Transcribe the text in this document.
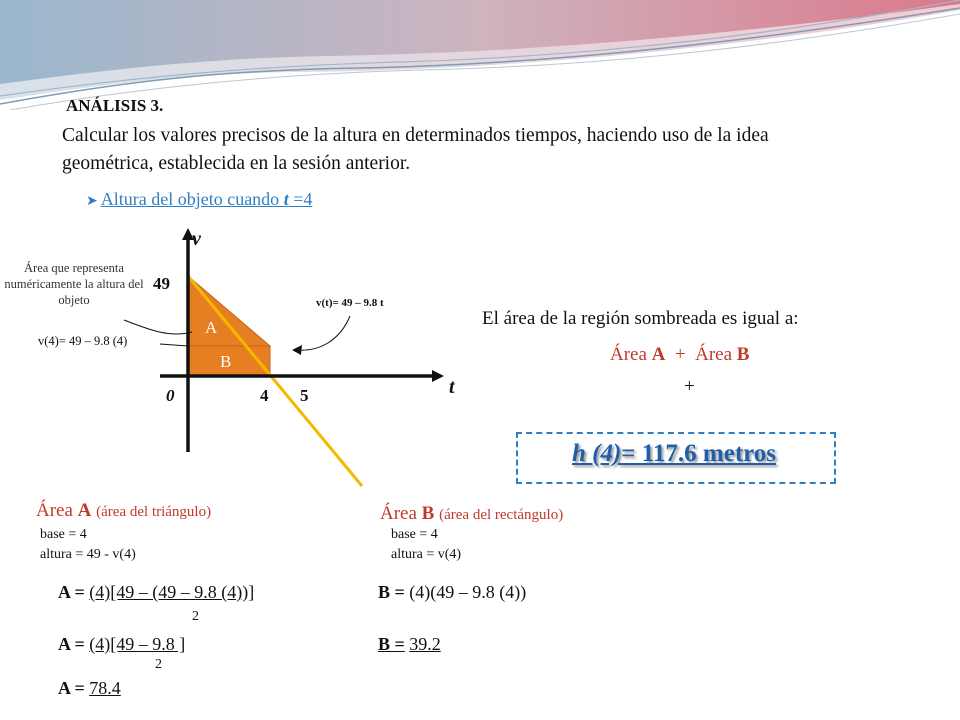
ANÁLISIS 3.
Calcular los valores precisos de la altura en determinados tiempos, haciendo uso de la idea geométrica, establecida en la sesión anterior.
➤ Altura del objeto cuando t =4
v
t
49
0	4 5
A
B
Área que representa numéricamente la altura del objeto
v(4)= 49 – 9.8 (4)
v(t)= 49 – 9.8 t
El área de la región sombreada es igual a:
Área A + Área B
+
h (4)= 117.6 metros
Área A (área del triángulo)
base = 4
altura = 49 - v(4)
A = (4)[49 – (49 – 9.8 (4))]
2
A = (4)[49 – 9.8 ]
2
A = 78.4
Área B (área del rectángulo)
base = 4
altura = v(4)
B = (4)(49 – 9.8 (4))
B = 39.2
